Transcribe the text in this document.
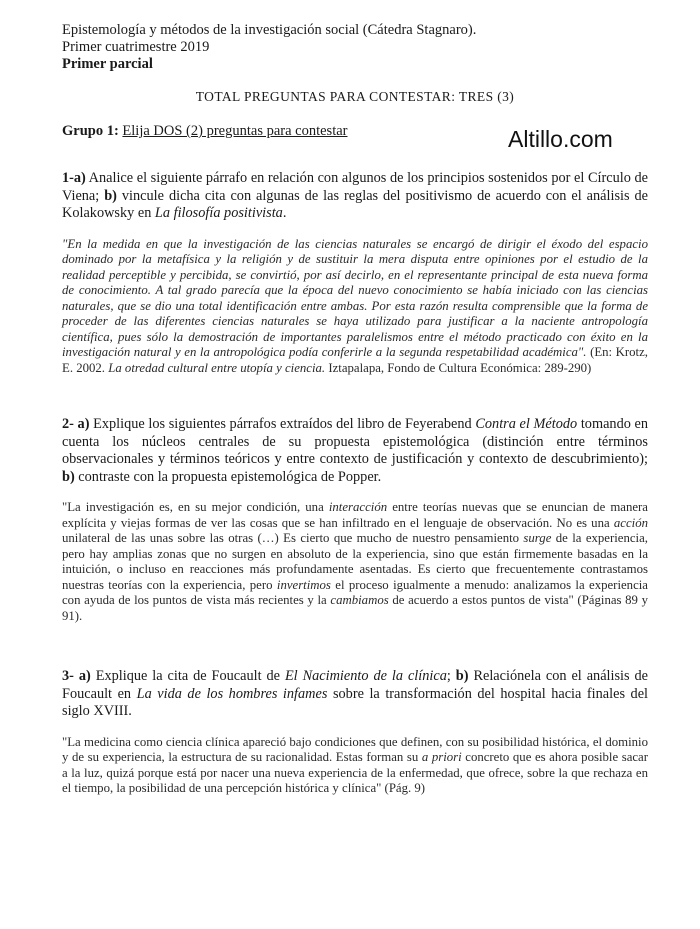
Epistemología y métodos de la investigación social (Cátedra Stagnaro).
Primer cuatrimestre 2019
Primer parcial
Altillo.com
TOTAL PREGUNTAS PARA CONTESTAR: TRES (3)
Grupo 1: Elija DOS (2) preguntas para contestar
1-a) Analice el siguiente párrafo en relación con algunos de los principios sostenidos por el Círculo de Viena; b) vincule dicha cita con algunas de las reglas del positivismo de acuerdo con el análisis de Kolakowsky en La filosofía positivista.
"En la medida en que la investigación de las ciencias naturales se encargó de dirigir el éxodo del espacio dominado por la metafísica y la religión y de sustituir la mera disputa entre opiniones por el estudio de la realidad perceptible y percibida, se convirtió, por así decirlo, en el representante principal de esta nueva forma de conocimiento. A tal grado parecía que la época del nuevo conocimiento se había iniciado con las ciencias naturales, que se dio una total identificación entre ambas. Por esta razón resulta comprensible que la forma de proceder de las diferentes ciencias naturales se haya utilizado para justificar a la naciente antropología científica, pues sólo la demostración de importantes paralelismos entre el método practicado con éxito en la investigación natural y en la antropológica podía conferirle a la segunda respetabilidad académica". (En: Krotz, E. 2002. La otredad cultural entre utopía y ciencia. Iztapalapa, Fondo de Cultura Económica: 289-290)
2- a) Explique los siguientes párrafos extraídos del libro de Feyerabend Contra el Método tomando en cuenta los núcleos centrales de su propuesta epistemológica (distinción entre términos observacionales y términos teóricos y entre contexto de justificación y contexto de descubrimiento); b) contraste con la propuesta epistemológica de Popper.
"La investigación es, en su mejor condición, una interacción entre teorías nuevas que se enuncian de manera explícita y viejas formas de ver las cosas que se han infiltrado en el lenguaje de observación. No es una acción unilateral de las unas sobre las otras (…) Es cierto que mucho de nuestro pensamiento surge de la experiencia, pero hay amplias zonas que no surgen en absoluto de la experiencia, sino que están firmemente basadas en la intuición, o incluso en reacciones más profundamente asentadas. Es cierto que frecuentemente contrastamos nuestras teorías con la experiencia, pero invertimos el proceso igualmente a menudo: analizamos la experiencia con ayuda de los puntos de vista más recientes y la cambiamos de acuerdo a estos puntos de vista" (Páginas 89 y 91).
3- a) Explique la cita de Foucault de El Nacimiento de la clínica; b) Relaciónela con el análisis de Foucault en La vida de los hombres infames sobre la transformación del hospital hacia finales del siglo XVIII.
"La medicina como ciencia clínica apareció bajo condiciones que definen, con su posibilidad histórica, el dominio y de su experiencia, la estructura de su racionalidad. Estas forman su a priori concreto que es ahora posible sacar a la luz, quizá porque está por nacer una nueva experiencia de la enfermedad, que ofrece, sobre la que rechaza en el tiempo, la posibilidad de una percepción histórica y clínica" (Pág. 9)
